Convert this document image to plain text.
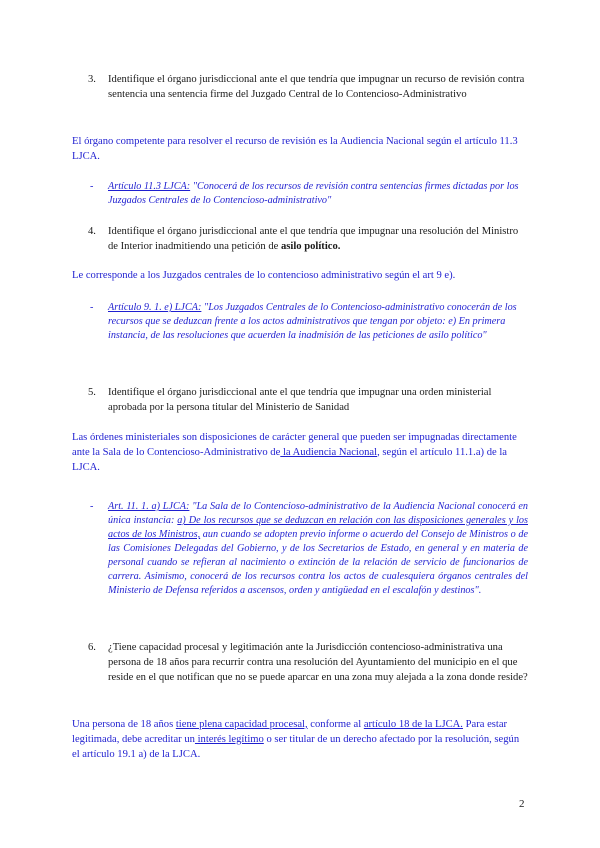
3. Identifique el órgano jurisdiccional ante el que tendría que impugnar un recurso de revisión contra sentencia una sentencia firme del Juzgado Central de lo Contencioso-Administrativo
El órgano competente para resolver el recurso de revisión es la Audiencia Nacional según el artículo 11.3 LJCA.
- Artículo 11.3 LJCA: "Conocerá de los recursos de revisión contra sentencias firmes dictadas por los Juzgados Centrales de lo Contencioso-administrativo"
4. Identifique el órgano jurisdiccional ante el que tendría que impugnar una resolución del Ministro de Interior inadmitiendo una petición de asilo político.
Le corresponde a los Juzgados centrales de lo contencioso administrativo según el art 9 e).
- Artículo 9. 1. e) LJCA: "Los Juzgados Centrales de lo Contencioso-administrativo conocerán de los recursos que se deduzcan frente a los actos administrativos que tengan por objeto: e) En primera instancia, de las resoluciones que acuerden la inadmisión de las peticiones de asilo político"
5. Identifique el órgano jurisdiccional ante el que tendría que impugnar una orden ministerial aprobada por la persona titular del Ministerio de Sanidad
Las órdenes ministeriales son disposiciones de carácter general que pueden ser impugnadas directamente ante la Sala de lo Contencioso-Administrativo de la Audiencia Nacional, según el artículo 11.1.a) de la LJCA.
- Art. 11. 1. a) LJCA: "La Sala de lo Contencioso-administrativo de la Audiencia Nacional conocerá en única instancia: a) De los recursos que se deduzcan en relación con las disposiciones generales y los actos de los Ministros, aun cuando se adopten previo informe o acuerdo del Consejo de Ministros o de las Comisiones Delegadas del Gobierno, y de los Secretarios de Estado, en general y en materia de personal cuando se refieran al nacimiento o extinción de la relación de servicio de funcionarios de carrera. Asimismo, conocerá de los recursos contra los actos de cualesquiera órganos centrales del Ministerio de Defensa referidos a ascensos, orden y antigüedad en el escalafón y destinos".
6. ¿Tiene capacidad procesal y legitimación ante la Jurisdicción contencioso-administrativa una persona de 18 años para recurrir contra una resolución del Ayuntamiento del municipio en el que reside en el que notifican que no se puede aparcar en una zona muy alejada a la zona donde reside?
Una persona de 18 años tiene plena capacidad procesal, conforme al artículo 18 de la LJCA. Para estar legitimada, debe acreditar un interés legítimo o ser titular de un derecho afectado por la resolución, según el artículo 19.1 a) de la LJCA.
2
